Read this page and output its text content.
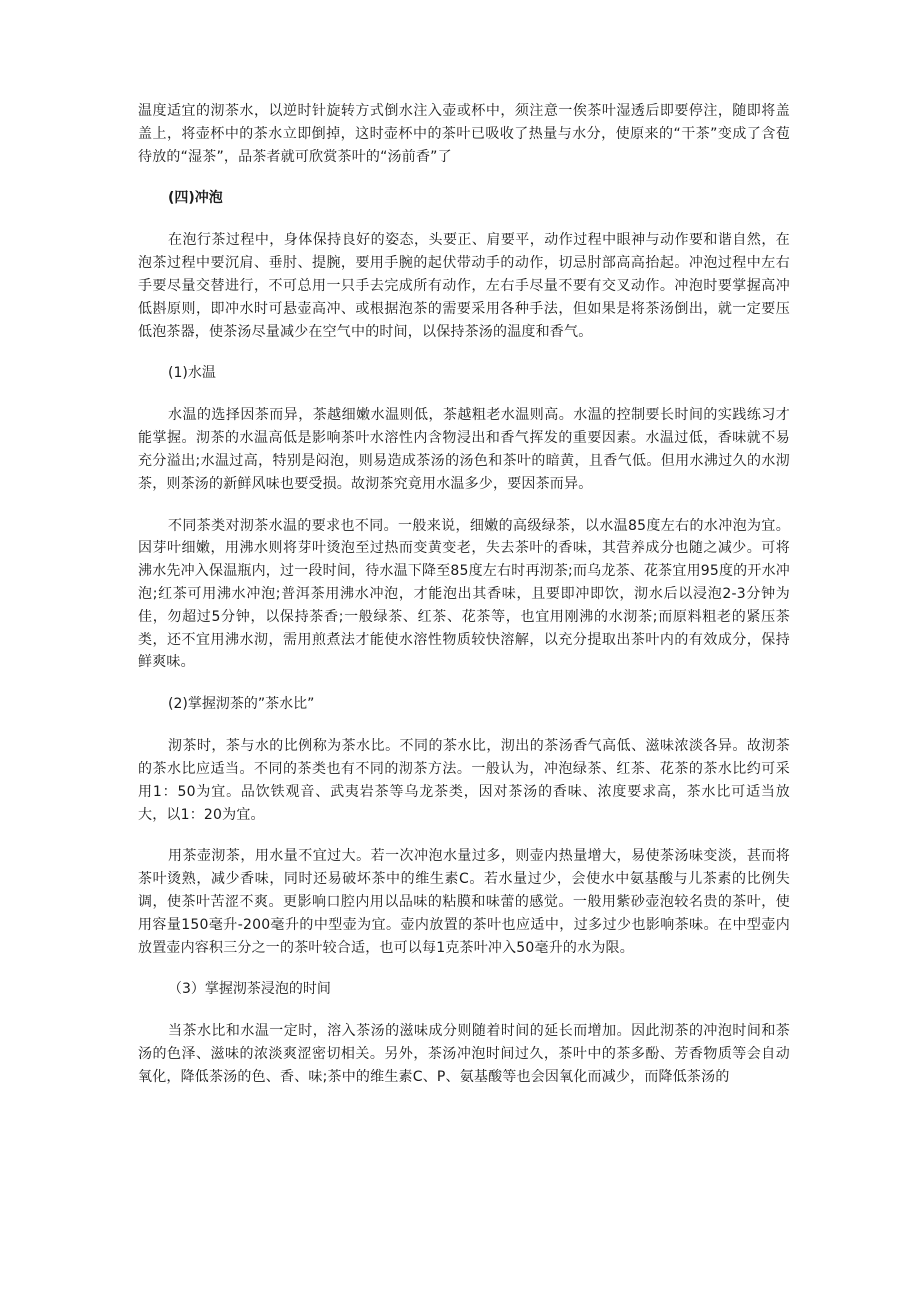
温度适宜的沏茶水，以逆时针旋转方式倒水注入壶或杯中，须注意一俟茶叶湿透后即要停注，随即将盖盖上，将壶杯中的茶水立即倒掉，这时壶杯中的茶叶已吸收了热量与水分，使原来的“干茶”变成了含苞待放的“湿茶”，品茶者就可欣赏茶叶的“汤前香”了

(四)冲泡

在泡行茶过程中，身体保持良好的姿态，头要正、肩要平，动作过程中眼神与动作要和谐自然，在泡茶过程中要沉肩、垂肘、提腕，要用手腕的起伏带动手的动作，切忌肘部高高抬起。冲泡过程中左右手要尽量交替进行，不可总用一只手去完成所有动作，左右手尽量不要有交叉动作。冲泡时要掌握高冲低斟原则，即冲水时可悬壶高冲、或根据泡茶的需要采用各种手法，但如果是将茶汤倒出，就一定要压低泡茶器，使茶汤尽量减少在空气中的时间，以保持茶汤的温度和香气。

(1)水温

水温的选择因茶而异，茶越细嫩水温则低，茶越粗老水温则高。水温的控制要长时间的实践练习才能掌握。沏茶的水温高低是影响茶叶水溶性内含物浸出和香气挥发的重要因素。水温过低，香味就不易充分溢出;水温过高，特别是闷泡，则易造成茶汤的汤色和茶叶的暗黄，且香气低。但用水沸过久的水沏茶，则茶汤的新鲜风味也要受损。故沏茶究竟用水温多少，要因茶而异。

不同茶类对沏茶水温的要求也不同。一般来说，细嫩的高级绿茶，以水温85度左右的水冲泡为宜。因芽叶细嫩，用沸水则将芽叶烫泡至过热而变黄变老，失去茶叶的香味，其营养成分也随之减少。可将沸水先冲入保温瓶内，过一段时间，待水温下降至85度左右时再沏茶;而乌龙茶、花茶宜用95度的开水冲泡;红茶可用沸水冲泡;普洱茶用沸水冲泡，才能泡出其香味，且要即冲即饮，沏水后以浸泡2-3分钟为佳，勿超过5分钟，以保持茶香;一般绿茶、红茶、花茶等，也宜用刚沸的水沏茶;而原料粗老的紧压茶类，还不宜用沸水沏，需用煎煮法才能使水溶性物质较快溶解，以充分提取出茶叶内的有效成分，保持鲜爽味。

(2)掌握沏茶的”茶水比”

沏茶时，茶与水的比例称为茶水比。不同的茶水比，沏出的茶汤香气高低、滋味浓淡各异。故沏茶的茶水比应适当。不同的茶类也有不同的沏茶方法。一般认为，冲泡绿茶、红茶、花茶的茶水比约可采用1：50为宜。品饮铁观音、武夷岩茶等乌龙茶类，因对茶汤的香味、浓度要求高，茶水比可适当放大，以1：20为宜。

用茶壶沏茶，用水量不宜过大。若一次冲泡水量过多，则壶内热量增大，易使茶汤味变淡，甚而将茶叶烫熟，减少香味，同时还易破坏茶中的维生素C。若水量过少，会使水中氨基酸与儿茶素的比例失调，使茶叶苦涩不爽。更影响口腔内用以品味的粘膜和味蕾的感觉。一般用紫砂壶泡较名贵的茶叶，使用容量150毫升-200毫升的中型壶为宜。壶内放置的茶叶也应适中，过多过少也影响茶味。在中型壶内放置壶内容积三分之一的茶叶较合适，也可以每1克茶叶冲入50毫升的水为限。

（3）掌握沏茶浸泡的时间

当茶水比和水温一定时，溶入茶汤的滋味成分则随着时间的延长而增加。因此沏茶的冲泡时间和茶汤的色泽、滋味的浓淡爽涩密切相关。另外，茶汤冲泡时间过久，茶叶中的茶多酚、芳香物质等会自动氧化，降低茶汤的色、香、味;茶中的维生素C、P、氨基酸等也会因氧化而减少，而降低茶汤的
